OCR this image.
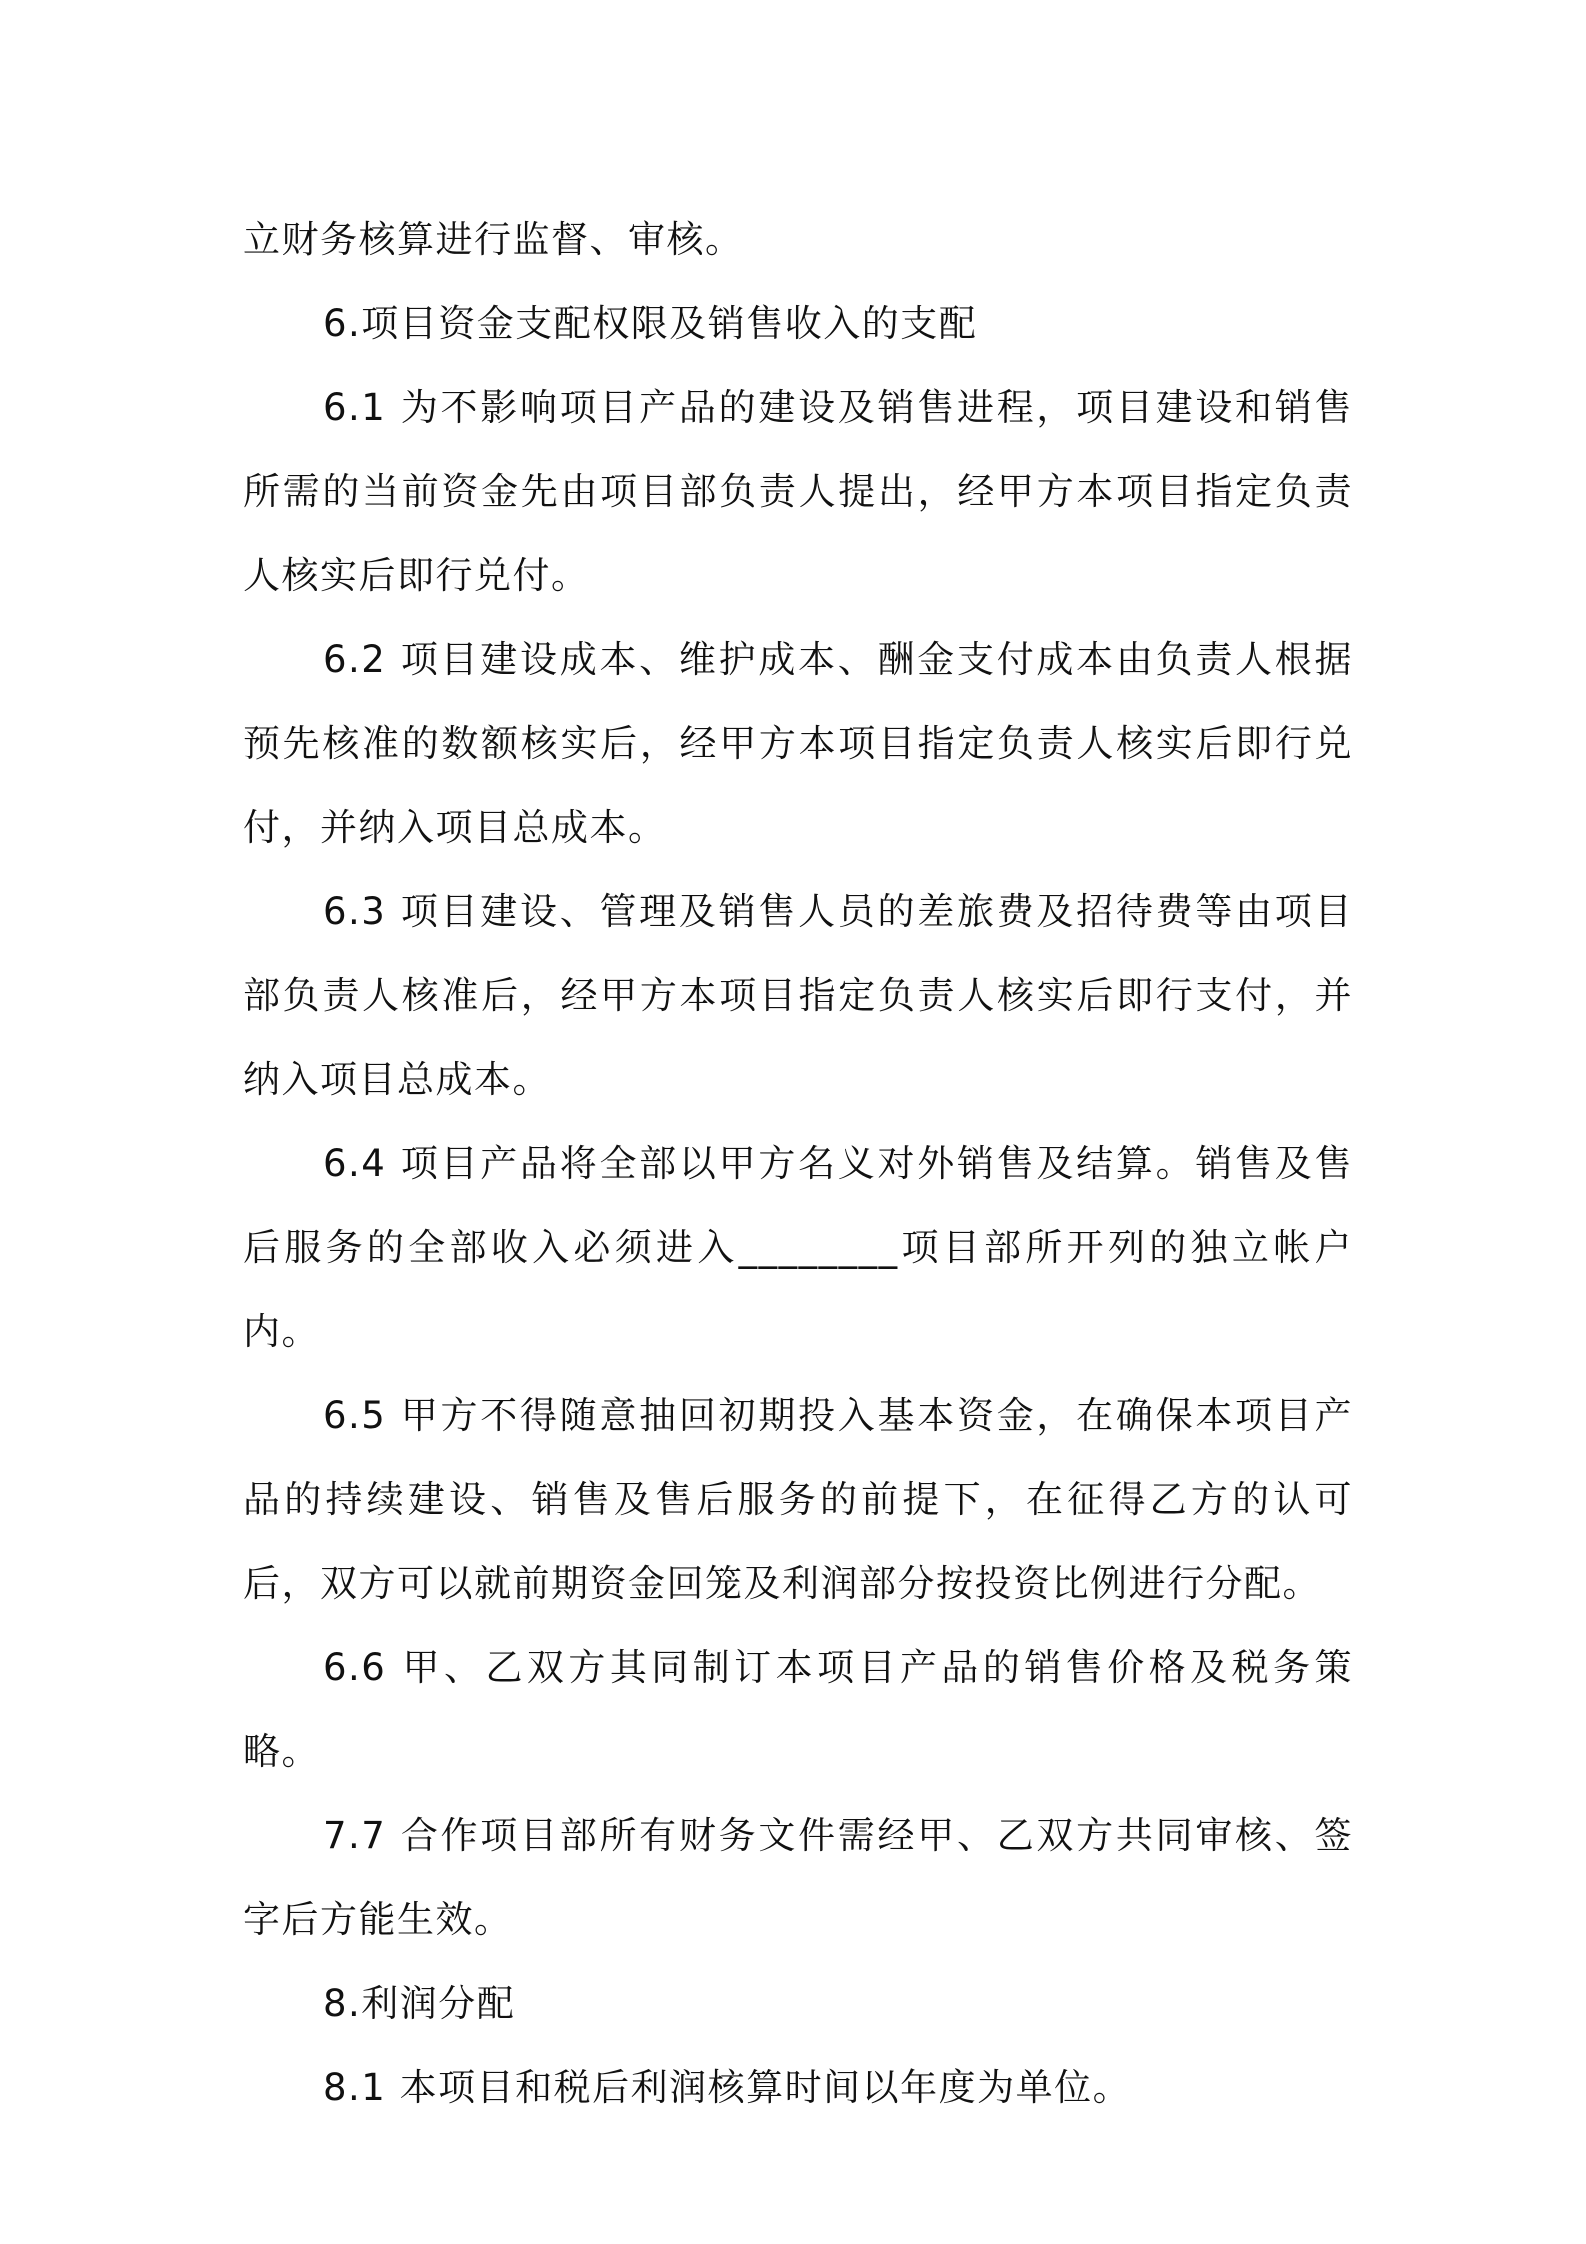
立财务核算进行监督、审核。

6.项目资金支配权限及销售收入的支配

6.1 为不影响项目产品的建设及销售进程，项目建设和销售所需的当前资金先由项目部负责人提出，经甲方本项目指定负责人核实后即行兑付。

6.2 项目建设成本、维护成本、酬金支付成本由负责人根据预先核准的数额核实后，经甲方本项目指定负责人核实后即行兑付，并纳入项目总成本。

6.3 项目建设、管理及销售人员的差旅费及招待费等由项目部负责人核准后，经甲方本项目指定负责人核实后即行支付，并纳入项目总成本。

6.4 项目产品将全部以甲方名义对外销售及结算。销售及售后服务的全部收入必须进入________项目部所开列的独立帐户内。

6.5 甲方不得随意抽回初期投入基本资金，在确保本项目产品的持续建设、销售及售后服务的前提下，在征得乙方的认可后，双方可以就前期资金回笼及利润部分按投资比例进行分配。

6.6 甲、乙双方其同制订本项目产品的销售价格及税务策略。

7.7 合作项目部所有财务文件需经甲、乙双方共同审核、签字后方能生效。

8.利润分配

8.1 本项目和税后利润核算时间以年度为单位。
